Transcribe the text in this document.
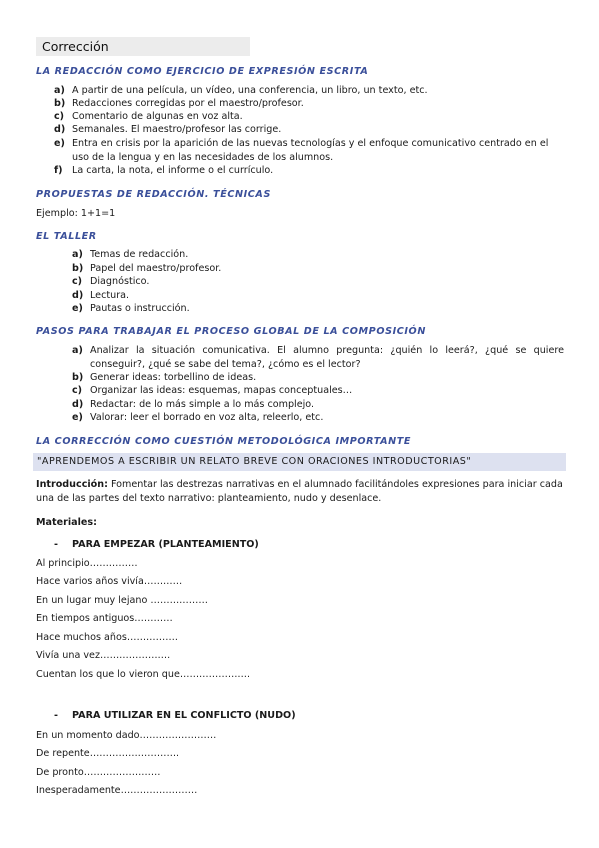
Corrección
LA REDACCIÓN COMO EJERCICIO DE EXPRESIÓN ESCRITA
a) A partir de una película, un vídeo, una conferencia, un libro, un texto, etc.
b) Redacciones corregidas por el maestro/profesor.
c) Comentario de algunas en voz alta.
d) Semanales. El maestro/profesor las corrige.
e) Entra en crisis por la aparición de las nuevas tecnologías y el enfoque comunicativo centrado en el uso de la lengua y en las necesidades de los alumnos.
f) La carta, la nota, el informe o el currículo.
PROPUESTAS DE REDACCIÓN. TÉCNICAS
Ejemplo: 1+1=1
EL TALLER
a) Temas de redacción.
b) Papel del maestro/profesor.
c) Diagnóstico.
d) Lectura.
e) Pautas o instrucción.
PASOS PARA TRABAJAR EL PROCESO GLOBAL DE LA COMPOSICIÓN
a) Analizar la situación comunicativa. El alumno pregunta: ¿quién lo leerá?, ¿qué se quiere conseguir?, ¿qué se sabe del tema?, ¿cómo es el lector?
b) Generar ideas: torbellino de ideas.
c) Organizar las ideas: esquemas, mapas conceptuales…
d) Redactar: de lo más simple a lo más complejo.
e) Valorar: leer el borrado en voz alta, releerlo, etc.
LA CORRECCIÓN COMO CUESTIÓN METODOLÓGICA IMPORTANTE
"APRENDEMOS A ESCRIBIR UN RELATO BREVE CON ORACIONES INTRODUCTORIAS"
Introducción: Fomentar las destrezas narrativas en el alumnado facilitándoles expresiones para iniciar cada una de las partes del texto narrativo: planteamiento, nudo y desenlace.
Materiales:
- PARA EMPEZAR (PLANTEAMIENTO)
Al principio……………
Hace varios años vivía…………
En un lugar muy lejano ………………
En tiempos antiguos…………
Hace muchos años…………….
Vivía una vez………………….
Cuentan los que lo vieron que………………….
- PARA UTILIZAR EN EL CONFLICTO (NUDO)
En un momento dado……………………
De repente……………………….
De pronto……………………
Inesperadamente……………………
